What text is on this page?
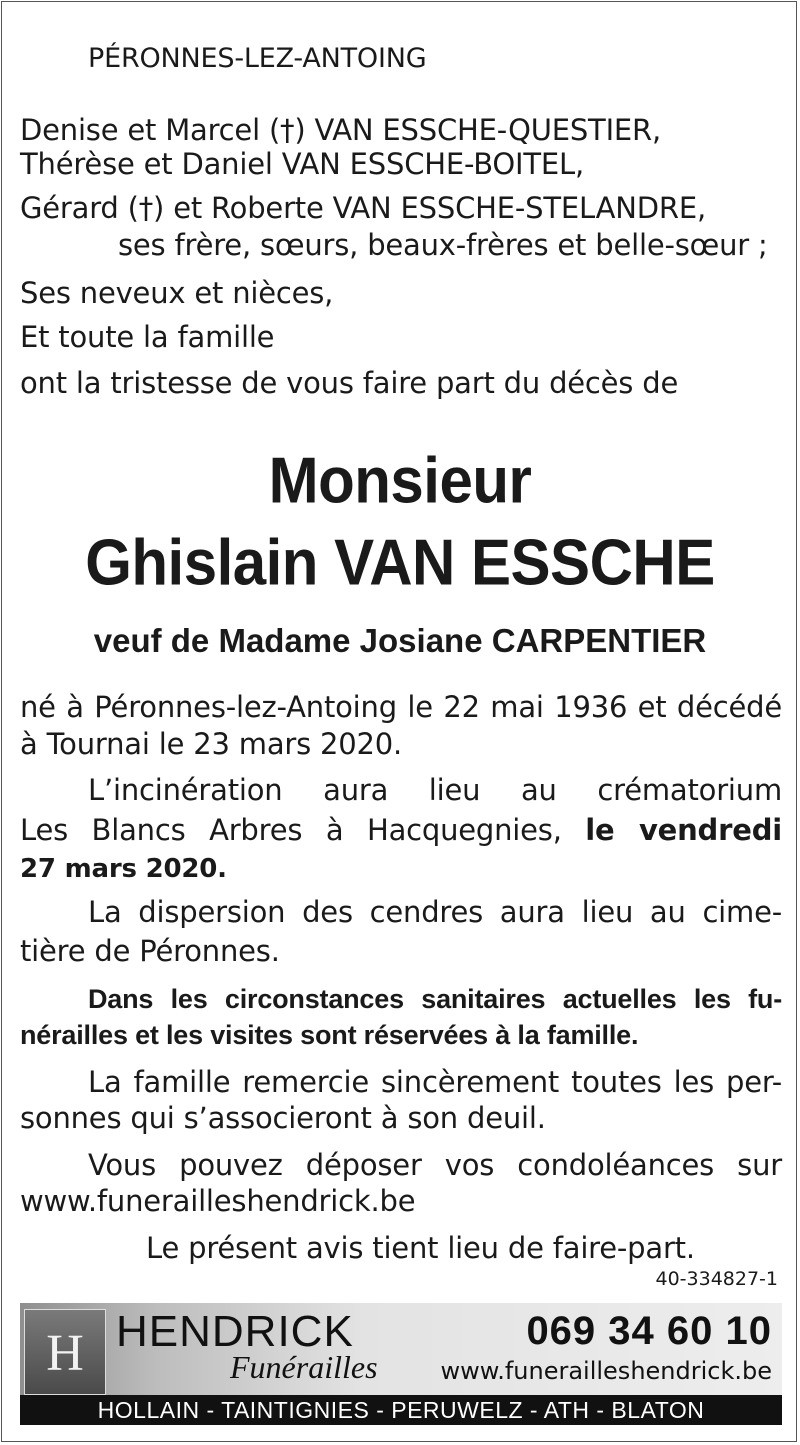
PÉRONNES-LEZ-ANTOING
Denise et Marcel (†) VAN ESSCHE-QUESTIER,
Thérèse et Daniel VAN ESSCHE-BOITEL,
Gérard (†) et Roberte VAN ESSCHE-STELANDRE,
ses frère, sœurs, beaux-frères et belle-sœur ;
Ses neveux et nièces,
Et toute la famille
ont la tristesse de vous faire part du décès de
Monsieur
Ghislain VAN ESSCHE
veuf de Madame Josiane CARPENTIER
né à Péronnes-lez-Antoing le 22 mai 1936 et décédé
à Tournai le 23 mars 2020.
L’incinération aura lieu au crématorium
Les Blancs Arbres à Hacquegnies, le vendredi
27 mars 2020.
La dispersion des cendres aura lieu au cime-
tière de Péronnes.
Dans les circonstances sanitaires actuelles les fu-
nérailles et les visites sont réservées à la famille.
La famille remercie sincèrement toutes les per-
sonnes qui s’associeront à son deuil.
Vous pouvez déposer vos condoléances sur
www.funerailleshendrick.be
Le présent avis tient lieu de faire-part.
40-334827-1
H HENDRICK
Funérailles
069 34 60 10
www.funerailleshendrick.be
HOLLAIN - TAINTIGNIES - PERUWELZ - ATH - BLATON
